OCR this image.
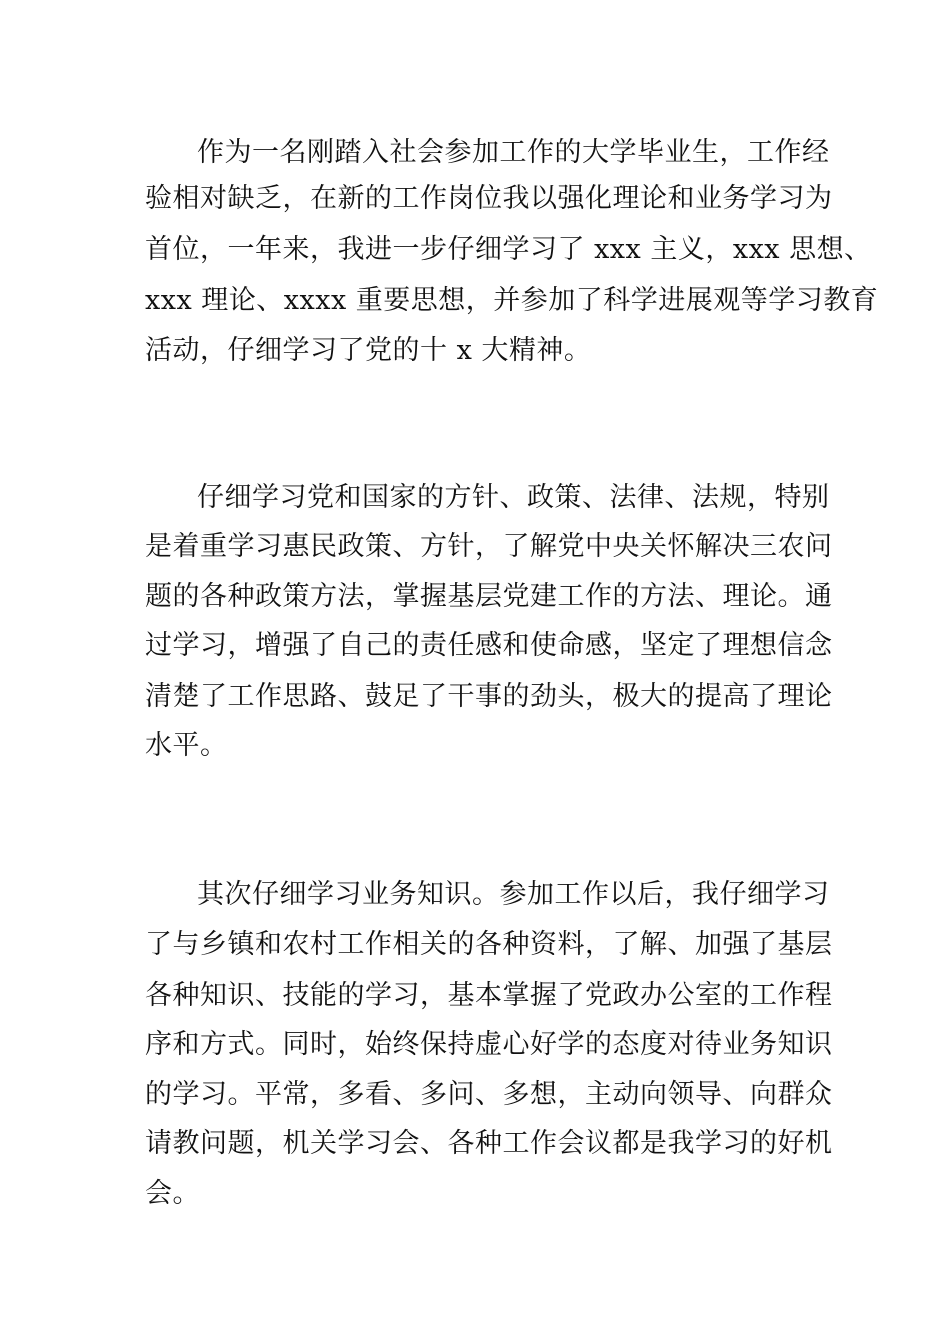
作为一名刚踏入社会参加工作的大学毕业生，工作经

验相对缺乏，在新的工作岗位我以强化理论和业务学习为

首位，一年来，我进一步仔细学习了 xxx 主义，xxx 思想、

xxx 理论、xxxx 重要思想，并参加了科学进展观等学习教育

活动，仔细学习了党的十 x 大精神。

仔细学习党和国家的方针、政策、法律、法规，特别

是着重学习惠民政策、方针，了解党中央关怀解决三农问

题的各种政策方法，掌握基层党建工作的方法、理论。通

过学习，增强了自己的责任感和使命感，坚定了理想信念

清楚了工作思路、鼓足了干事的劲头，极大的提高了理论

水平。

其次仔细学习业务知识。参加工作以后，我仔细学习

了与乡镇和农村工作相关的各种资料，了解、加强了基层

各种知识、技能的学习，基本掌握了党政办公室的工作程

序和方式。同时，始终保持虚心好学的态度对待业务知识

的学习。平常，多看、多问、多想，主动向领导、向群众

请教问题，机关学习会、各种工作会议都是我学习的好机

会。
